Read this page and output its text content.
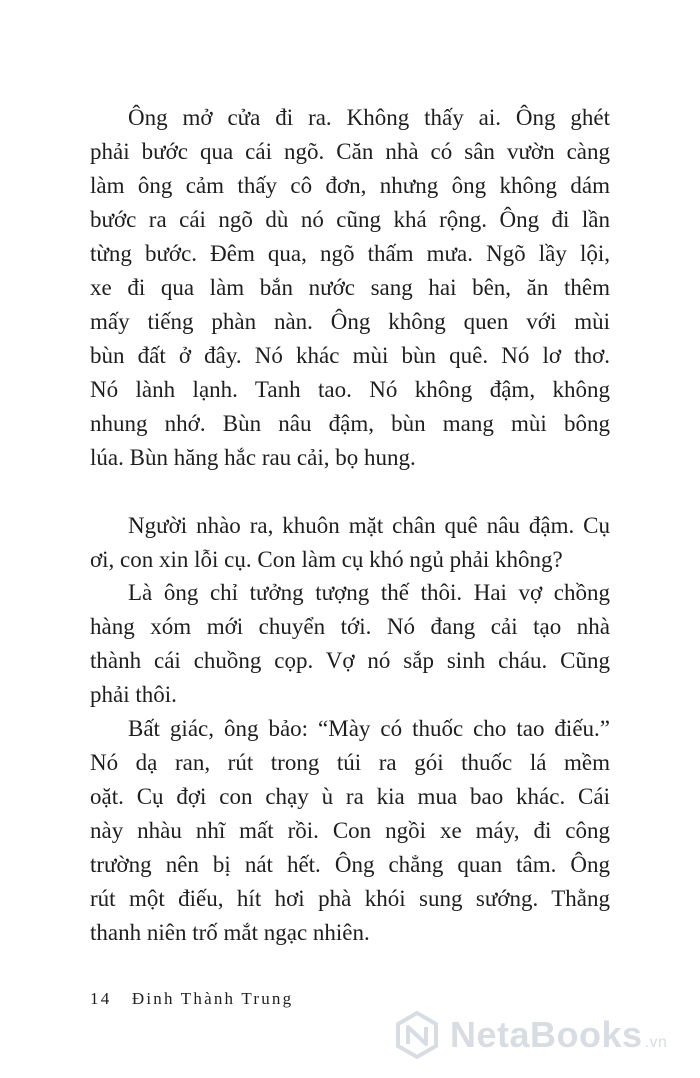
Ông mở cửa đi ra. Không thấy ai. Ông ghét
phải bước qua cái ngõ. Căn nhà có sân vườn càng
làm ông cảm thấy cô đơn, nhưng ông không dám
bước ra cái ngõ dù nó cũng khá rộng. Ông đi lần
từng bước. Đêm qua, ngõ thấm mưa. Ngõ lầy lội,
xe đi qua làm bắn nước sang hai bên, ăn thêm
mấy tiếng phàn nàn. Ông không quen với mùi
bùn đất ở đây. Nó khác mùi bùn quê. Nó lơ thơ.
Nó lành lạnh. Tanh tao. Nó không đậm, không
nhung nhớ. Bùn nâu đậm, bùn mang mùi bông
lúa. Bùn hăng hắc rau cải, bọ hung.
Người nhào ra, khuôn mặt chân quê nâu đậm. Cụ
ơi, con xin lỗi cụ. Con làm cụ khó ngủ phải không?
Là ông chỉ tưởng tượng thế thôi. Hai vợ chồng
hàng xóm mới chuyển tới. Nó đang cải tạo nhà
thành cái chuồng cọp. Vợ nó sắp sinh cháu. Cũng
phải thôi.
Bất giác, ông bảo: “Mày có thuốc cho tao điếu.”
Nó dạ ran, rút trong túi ra gói thuốc lá mềm
oặt. Cụ đợi con chạy ù ra kia mua bao khác. Cái
này nhàu nhĩ mất rồi. Con ngồi xe máy, đi công
trường nên bị nát hết. Ông chẳng quan tâm. Ông
rút một điếu, hít hơi phà khói sung sướng. Thằng
thanh niên trố mắt ngạc nhiên.
14 Đinh Thành Trung
NetaBooks .vn
